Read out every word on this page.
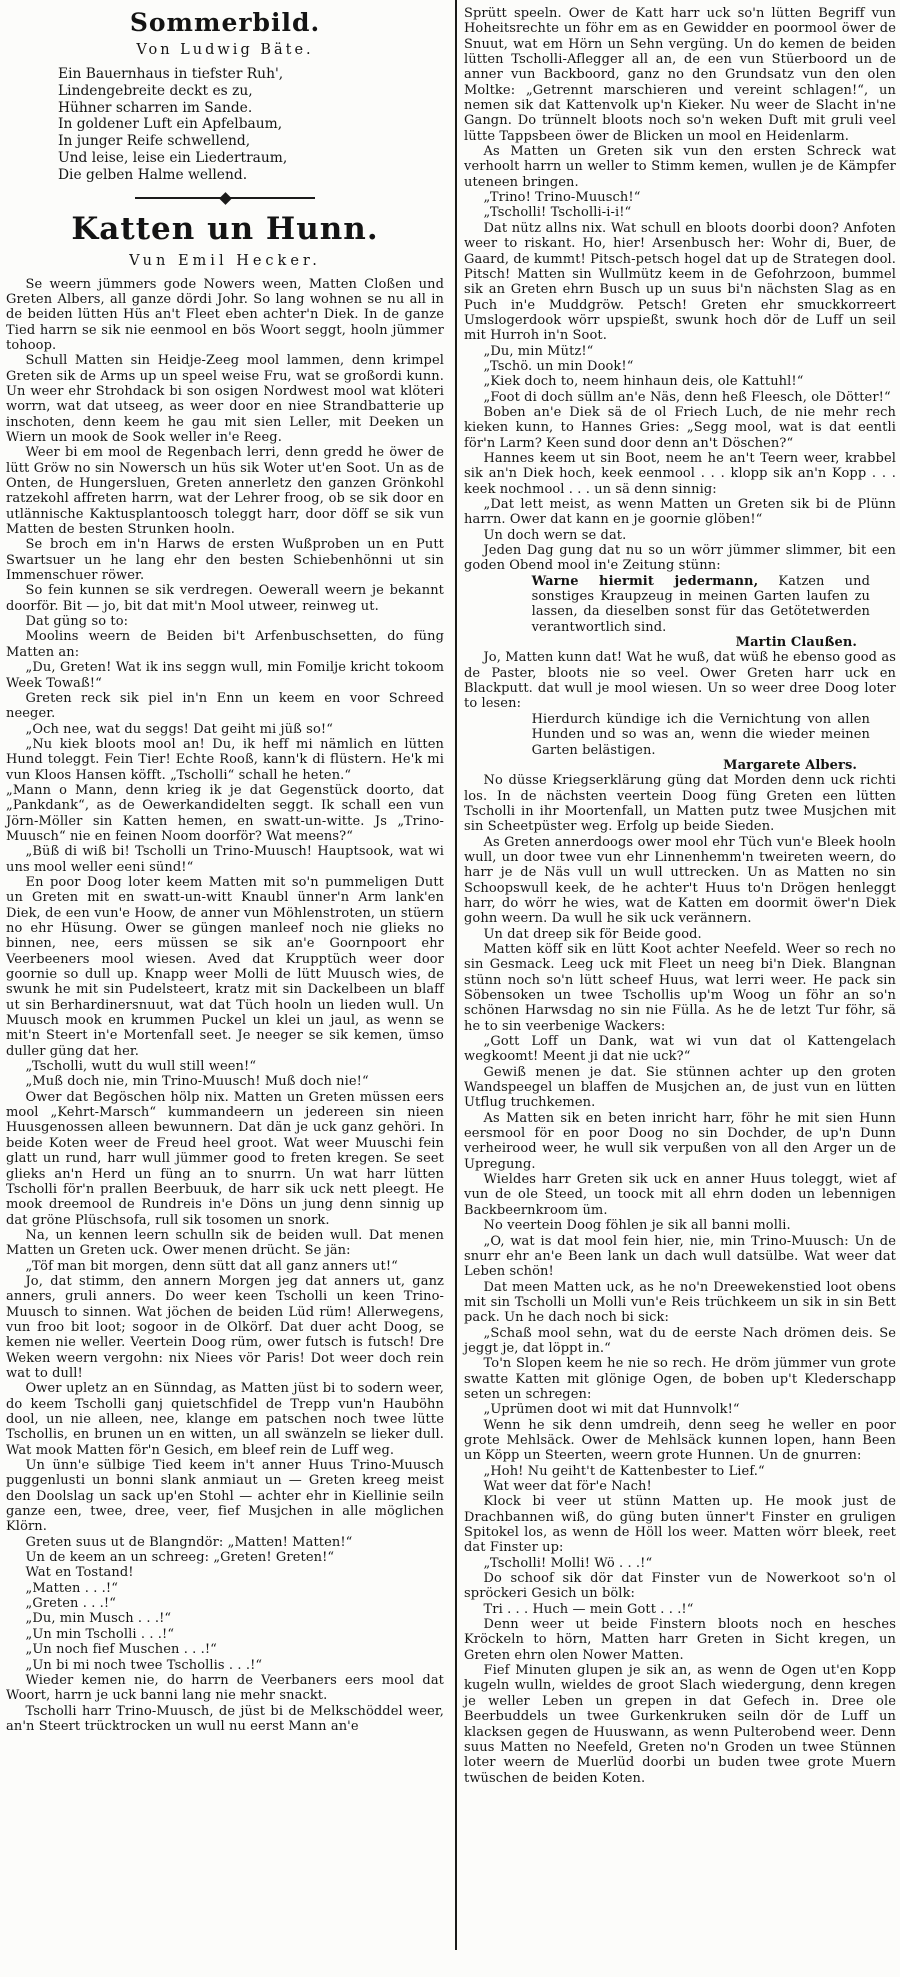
Sommerbild.
Von Ludwig Bäte.
Ein Bauernhaus in tiefster Ruh',
Lindengebreite deckt es zu,
Hühner scharren im Sande.
In goldener Luft ein Apfelbaum,
In junger Reife schwellend,
Und leise, leise ein Liedertraum,
Die gelben Halme wellend.
Katten un Hunn.
Vun Emil Hecker.

Se weern jümmers gode Nowers ween, Matten Cloßen und Greten Albers, all ganze dördi Johr. So lang wohnen se nu all in de beiden lütten Hüs an't Fleet eben achter'n Diek. In de ganze Tied harrn se sik nie eenmool en bös Woort seggt, hooln jümmer tohoop.

Schull Matten sin Heidje-Zeeg mool lammen, denn krimpel Greten sik de Arms up un speel weise Fru, wat se großordi kunn. Un weer ehr Strohdack bi son osigen Nordwest mool wat klöteri worrn, wat dat utseeg, as weer door en niee Strandbatterie up inschoten, denn keem he gau mit sien Leller, mit Deeken un Wiern un mook de Sook weller in'e Reeg.

Weer bi em mool de Regenbach lerri, denn gredd he öwer de lütt Gröw no sin Nowersch un hüs sik Woter ut'en Soot. Un as de Onten, de Hungersluen, Greten annerletz den ganzen Grönkohl ratzekohl affreten harrn, wat der Lehrer froog, ob se sik door en utlännische Kaktusplantoosch toleggt harr, door döff se sik vun Matten de besten Strunken hooln.

Se broch em in'n Harws de ersten Wußproben un en Putt Swartsuer un he lang ehr den besten Schiebenhönni ut sin Immenschuer röwer.

So fein kunnen se sik verdregen. Oewerall weern je bekannt doorför. Bit — jo, bit dat mit'n Mool utweer, reinweg ut.

Dat güng so to:

Moolins weern de Beiden bi't Arfenbuschsetten, do füng Matten an:

„Du, Greten! Wat ik ins seggn wull, min Fomilje kricht tokoom Week Towaß!“

Greten reck sik piel in'n Enn un keem en voor Schreed neeger.

„Och nee, wat du seggs! Dat geiht mi jüß so!“

„Nu kiek bloots mool an! Du, ik heff mi nämlich en lütten Hund toleggt. Fein Tier! Echte Rooß, kann'k di flüstern. He'k mi vun Kloos Hansen köfft. „Tscholli“ schall he heten.“

„Mann o Mann, denn krieg ik je dat Gegenstück doorto, dat „Pankdank“, as de Oewerkandidelten seggt. Ik schall een vun Jörn-Möller sin Katten hemen, en swatt-un-witte. Js „Trino-Muusch“ nie en feinen Noom doorför? Wat meens?“

„Büß di wiß bi! Tscholli un Trino-Muusch! Hauptsook, wat wi uns mool weller eeni sünd!“

En poor Doog loter keem Matten mit so'n pummeligen Dutt un Greten mit en swatt-un-witt Knaubl ünner'n Arm lank'en Diek, de een vun'e Hoow, de anner vun Möhlenstroten, un stüern no ehr Hüsung. Ower se güngen manleef noch nie glieks no binnen, nee, eers müssen se sik an'e Goornpoort ehr Veerbeeners mool wiesen. Aved dat Krupptüch weer door goornie so dull up. Knapp weer Molli de lütt Muusch wies, de swunk he mit sin Pudelsteert, kratz mit sin Dackelbeen un blaff ut sin Berhardinersnuut, wat dat Tüch hooln un lieden wull. Un Muusch mook en krummen Puckel un klei un jaul, as wenn se mit'n Steert in'e Mortenfall seet. Je neeger se sik kemen, ümso duller güng dat her.

„Tscholli, wutt du wull still ween!“

„Muß doch nie, min Trino-Muusch! Muß doch nie!“

Ower dat Begöschen hölp nix. Matten un Greten müssen eers mool „Kehrt-Marsch“ kummandeern un jedereen sin nieen Huusgenossen alleen bewunnern. Dat dän je uck ganz gehöri. In beide Koten weer de Freud heel groot. Wat weer Muuschi fein glatt un rund, harr wull jümmer good to freten kregen. Se seet glieks an'n Herd un füng an to snurrn. Un wat harr lütten Tscholli för'n prallen Beerbuuk, de harr sik uck nett pleegt. He mook dreemool de Rundreis in'e Döns un jung denn sinnig up dat gröne Plüschsofa, rull sik tosomen un snork.

Na, un kennen leern schulln sik de beiden wull. Dat menen Matten un Greten uck. Ower menen drücht. Se jän:

„Töf man bit morgen, denn sütt dat all ganz anners ut!“

Jo, dat stimm, den annern Morgen jeg dat anners ut, ganz anners, gruli anners. Do weer keen Tscholli un keen Trino-Muusch to sinnen. Wat jöchen de beiden Lüd rüm! Allerwegens, vun froo bit loot; sogoor in de Olkörf. Dat duer acht Doog, se kemen nie weller. Veertein Doog rüm, ower futsch is futsch! Dre Weken weern vergohn: nix Niees vör Paris! Dot weer doch rein wat to dull!

Ower upletz an en Sünndag, as Matten jüst bi to sodern weer, do keem Tscholli ganj quietschfidel de Trepp vun'n Hauböhn dool, un nie alleen, nee, klange em patschen noch twee lütte Tschollis, en brunen un en witten, un all swänzeln se lieker dull. Wat mook Matten för'n Gesich, em bleef rein de Luff weg.

Un ünn'e sülbige Tied keem in't anner Huus Trino-Muusch puggenlusti un bonni slank anmiaut un — Greten kreeg meist den Doolslag un sack up'en Stohl — achter ehr in Kiellinie seiln ganze een, twee, dree, veer, fief Musjchen in alle möglichen Klörn.

Greten suus ut de Blangndör: „Matten! Matten!“

Un de keem an un schreeg: „Greten! Greten!“

Wat en Tostand!

„Matten . . .!“

„Greten . . .!“

„Du, min Musch . . .!“

„Un min Tscholli . . .!“

„Un noch fief Muschen . . .!“

„Un bi mi noch twee Tschollis . . .!“

Wieder kemen nie, do harrn de Veerbaners eers mool dat Woort, harrn je uck banni lang nie mehr snackt.

Tscholli harr Trino-Muusch, de jüst bi de Melkschöddel weer, an'n Steert trücktrocken un wull nu eerst Mann an'e

Sprütt speeln. Ower de Katt harr uck so'n lütten Begriff vun Hoheitsrechte un föhr em as en Gewidder en poormool öwer de Snuut, wat em Hörn un Sehn vergüng. Un do kemen de beiden lütten Tscholli-Aflegger all an, de een vun Stüerboord un de anner vun Backboord, ganz no den Grundsatz vun den olen Moltke: „Getrennt marschieren und vereint schlagen!“, un nemen sik dat Kattenvolk up'n Kieker. Nu weer de Slacht in'ne Gangn. Do trünnelt bloots noch so'n weken Duft mit gruli veel lütte Tappsbeen öwer de Blicken un mool en Heidenlarm.

As Matten un Greten sik vun den ersten Schreck wat verhoolt harrn un weller to Stimm kemen, wullen je de Kämpfer uteneen bringen.

„Trino! Trino-Muusch!“

„Tscholli! Tscholli-i-i!“

Dat nütz allns nix. Wat schull en bloots doorbi doon? Anfoten weer to riskant. Ho, hier! Arsenbusch her: Wohr di, Buer, de Gaard, de kummt! Pitsch-petsch hogel dat up de Strategen dool. Pitsch! Matten sin Wullmütz keem in de Gefohrzoon, bummel sik an Greten ehrn Busch up un suus bi'n nächsten Slag as en Puch in'e Muddgröw. Petsch! Greten ehr smuckkorreert Umslogerdook wörr upspießt, swunk hoch dör de Luff un seil mit Hurroh in'n Soot.

„Du, min Mütz!“

„Tschö. un min Dook!“

„Kiek doch to, neem hinhaun deis, ole Kattuhl!“

„Foot di doch süllm an'e Näs, denn heß Fleesch, ole Dötter!“

Boben an'e Diek sä de ol Friech Luch, de nie mehr rech kieken kunn, to Hannes Gries: „Segg mool, wat is dat eentli för'n Larm? Keen sund door denn an't Döschen?“

Hannes keem ut sin Boot, neem he an't Teern weer, krabbel sik an'n Diek hoch, keek eenmool . . . klopp sik an'n Kopp . . . keek nochmool . . . un sä denn sinnig:

„Dat lett meist, as wenn Matten un Greten sik bi de Plünn harrn. Ower dat kann en je goornie glöben!“

Un doch wern se dat.

Jeden Dag gung dat nu so un wörr jümmer slimmer, bit een goden Obend mool in'e Zeitung stünn:

Warne hiermit jedermann, Katzen und sonstiges Kraupzeug in meinen Garten laufen zu lassen, da dieselben sonst für das Getötetwerden verantwortlich sind.

Martin Claußen.

Jo, Matten kunn dat! Wat he wuß, dat wüß he ebenso good as de Paster, bloots nie so veel. Ower Greten harr uck en Blackputt. dat wull je mool wiesen. Un so weer dree Doog loter to lesen:

Hierdurch kündige ich die Vernichtung von allen Hunden und so was an, wenn die wieder meinen Garten belästigen.

Margarete Albers.

No düsse Kriegserklärung güng dat Morden denn uck richti los. In de nächsten veertein Doog füng Greten een lütten Tscholli in ihr Moortenfall, un Matten putz twee Musjchen mit sin Scheetpüster weg. Erfolg up beide Sieden.

As Greten annerdoogs ower mool ehr Tüch vun'e Bleek hooln wull, un door twee vun ehr Linnenhemm'n tweireten weern, do harr je de Näs vull un wull uttrecken. Un as Matten no sin Schoopswull keek, de he achter't Huus to'n Drögen henleggt harr, do wörr he wies, wat de Katten em doormit öwer'n Diek gohn weern. Da wull he sik uck verännern.

Un dat dreep sik för Beide good.

Matten köff sik en lütt Koot achter Neefeld. Weer so rech no sin Gesmack. Leeg uck mit Fleet un neeg bi'n Diek. Blangnan stünn noch so'n lütt scheef Huus, wat lerri weer. He pack sin Söbensoken un twee Tschollis up'm Woog un föhr an so'n schönen Harwsdag no sin nie Fülla. As he de letzt Tur föhr, sä he to sin veerbenige Wackers:

„Gott Loff un Dank, wat wi vun dat ol Kattengelach wegkoomt! Meent ji dat nie uck?“

Gewiß menen je dat. Sie stünnen achter up den groten Wandspeegel un blaffen de Musjchen an, de just vun en lütten Utflug truchkemen.

As Matten sik en beten inricht harr, föhr he mit sien Hunn eersmool för en poor Doog no sin Dochder, de up'n Dunn verheirood weer, he wull sik verpußen von all den Arger un de Upregung.

Wieldes harr Greten sik uck en anner Huus toleggt, wiet af vun de ole Steed, un toock mit all ehrn doden un lebennigen Backbeernkroom üm.

No veertein Doog föhlen je sik all banni molli.

„O, wat is dat mool fein hier, nie, min Trino-Muusch: Un de snurr ehr an'e Been lank un dach wull datsülbe. Wat weer dat Leben schön!

Dat meen Matten uck, as he no'n Dreewekenstied loot obens mit sin Tscholli un Molli vun'e Reis trüchkeem un sik in sin Bett pack. Un he dach noch bi sick:

„Schaß mool sehn, wat du de eerste Nach drömen deis. Se jeggt je, dat löppt in.“

To'n Slopen keem he nie so rech. He dröm jümmer vun grote swatte Katten mit glönige Ogen, de boben up't Klederschapp seten un schregen:

„Uprümen doot wi mit dat Hunnvolk!“

Wenn he sik denn umdreih, denn seeg he weller en poor grote Mehlsäck. Ower de Mehlsäck kunnen lopen, hann Been un Köpp un Steerten, weern grote Hunnen. Un de gnurren:

„Hoh! Nu geiht't de Kattenbester to Lief.“

Wat weer dat för'e Nach!

Klock bi veer ut stünn Matten up. He mook just de Drachbannen wiß, do güng buten ünner't Finster en gruligen Spitokel los, as wenn de Höll los weer. Matten wörr bleek, reet dat Finster up:

„Tscholli! Molli! Wö . . .!“

Do schoof sik dör dat Finster vun de Nowerkoot so'n ol spröckeri Gesich un bölk:

Tri . . . Huch — mein Gott . . .!“

Denn weer ut beide Finstern bloots noch en hesches Kröckeln to hörn, Matten harr Greten in Sicht kregen, un Greten ehrn olen Nower Matten.

Fief Minuten glupen je sik an, as wenn de Ogen ut'en Kopp kugeln wulln, wieldes de groot Slach wiedergung, denn kregen je weller Leben un grepen in dat Gefech in. Dree ole Beerbuddels un twee Gurkenkruken seiln dör de Luff un klacksen gegen de Huuswann, as wenn Pulterobend weer. Denn suus Matten no Neefeld, Greten no'n Groden un twee Stünnen loter weern de Muerlüd doorbi un buden twee grote Muern twüschen de beiden Koten.
